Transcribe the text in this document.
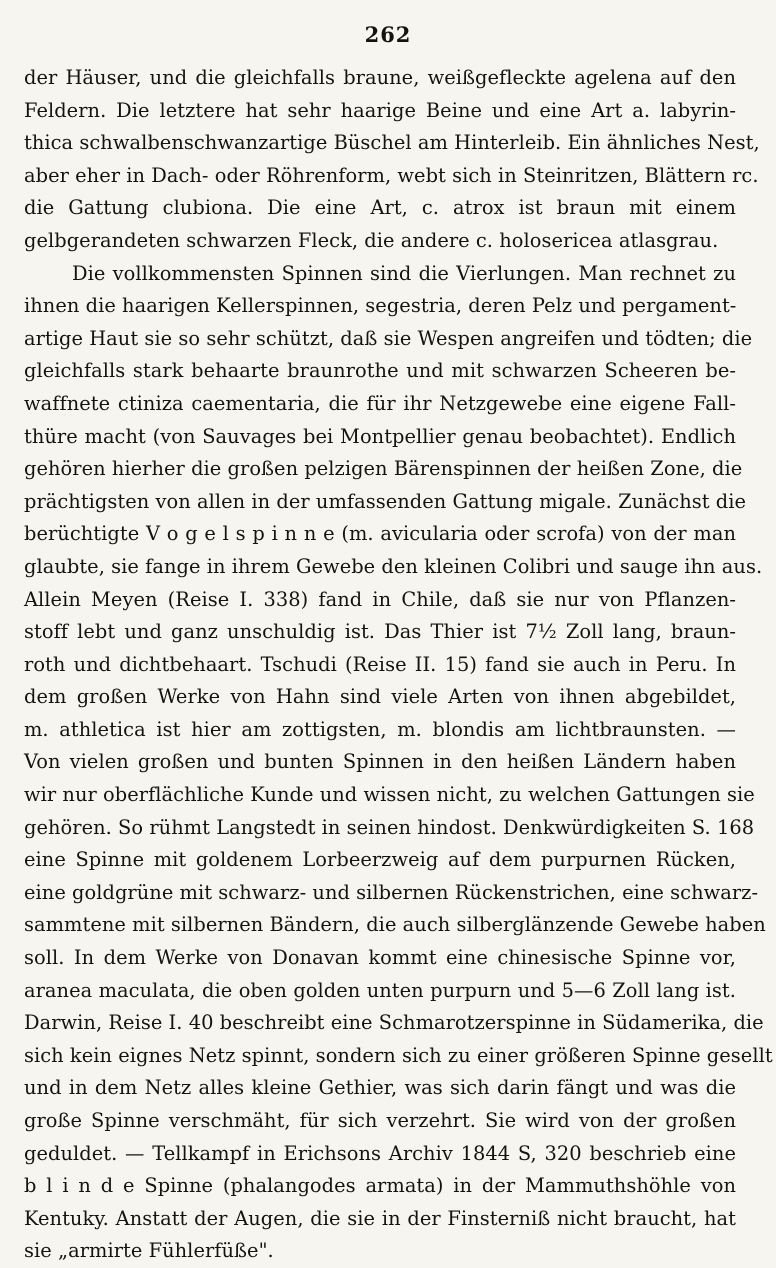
262
der Häuser, und die gleichfalls braune, weißgefleckte agelena auf den
Feldern. Die letztere hat sehr haarige Beine und eine Art a. labyrin-
thica schwalbenschwanzartige Büschel am Hinterleib. Ein ähnliches Nest,
aber eher in Dach- oder Röhrenform, webt sich in Steinritzen, Blättern rc.
die Gattung clubiona. Die eine Art, c. atrox ist braun mit einem
gelbgerandeten schwarzen Fleck, die andere c. holosericea atlasgrau.
Die vollkommensten Spinnen sind die Vierlungen. Man rechnet zu
ihnen die haarigen Kellerspinnen, segestria, deren Pelz und pergament-
artige Haut sie so sehr schützt, daß sie Wespen angreifen und tödten; die
gleichfalls stark behaarte braunrothe und mit schwarzen Scheeren be-
waffnete ctiniza caementaria, die für ihr Netzgewebe eine eigene Fall-
thüre macht (von Sauvages bei Montpellier genau beobachtet). Endlich
gehören hierher die großen pelzigen Bärenspinnen der heißen Zone, die
prächtigsten von allen in der umfassenden Gattung migale. Zunächst die
berüchtigte V o g e l s p i n n e (m. avicularia oder scrofa) von der man
glaubte, sie fange in ihrem Gewebe den kleinen Colibri und sauge ihn aus.
Allein Meyen (Reise I. 338) fand in Chile, daß sie nur von Pflanzen-
stoff lebt und ganz unschuldig ist. Das Thier ist 7½ Zoll lang, braun-
roth und dichtbehaart. Tschudi (Reise II. 15) fand sie auch in Peru. In
dem großen Werke von Hahn sind viele Arten von ihnen abgebildet,
m. athletica ist hier am zottigsten, m. blondis am lichtbraunsten. —
Von vielen großen und bunten Spinnen in den heißen Ländern haben
wir nur oberflächliche Kunde und wissen nicht, zu welchen Gattungen sie
gehören. So rühmt Langstedt in seinen hindost. Denkwürdigkeiten S. 168
eine Spinne mit goldenem Lorbeerzweig auf dem purpurnen Rücken,
eine goldgrüne mit schwarz- und silbernen Rückenstrichen, eine schwarz-
sammtene mit silbernen Bändern, die auch silberglänzende Gewebe haben
soll. In dem Werke von Donavan kommt eine chinesische Spinne vor,
aranea maculata, die oben golden unten purpurn und 5—6 Zoll lang ist.
Darwin, Reise I. 40 beschreibt eine Schmarotzerspinne in Südamerika, die
sich kein eignes Netz spinnt, sondern sich zu einer größeren Spinne gesellt
und in dem Netz alles kleine Gethier, was sich darin fängt und was die
große Spinne verschmäht, für sich verzehrt. Sie wird von der großen
geduldet. — Tellkampf in Erichsons Archiv 1844 S, 320 beschrieb eine
b l i n d e Spinne (phalangodes armata) in der Mammuthshöhle von
Kentuky. Anstatt der Augen, die sie in der Finsterniß nicht braucht, hat
sie „armirte Fühlerfüße".
